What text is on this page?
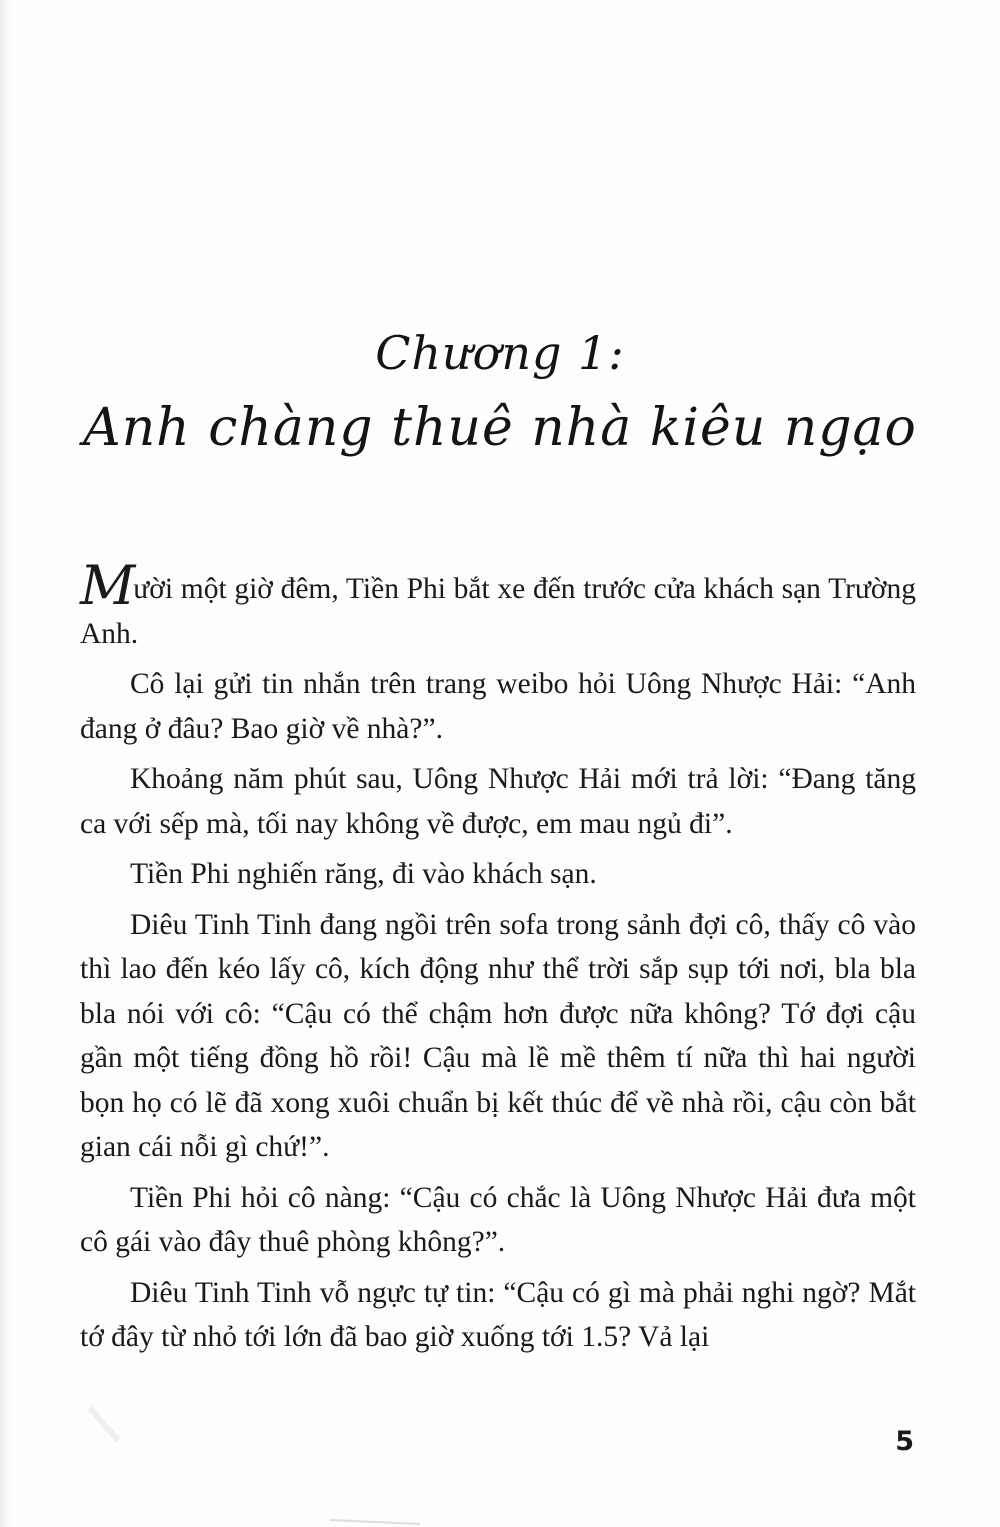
Chương 1:
Anh chàng thuê nhà kiêu ngạo

Mười một giờ đêm, Tiền Phi bắt xe đến trước cửa khách sạn Trường Anh.

Cô lại gửi tin nhắn trên trang weibo hỏi Uông Nhược Hải: “Anh đang ở đâu? Bao giờ về nhà?”.

Khoảng năm phút sau, Uông Nhược Hải mới trả lời: “Đang tăng ca với sếp mà, tối nay không về được, em mau ngủ đi”.

Tiền Phi nghiến răng, đi vào khách sạn.

Diêu Tinh Tinh đang ngồi trên sofa trong sảnh đợi cô, thấy cô vào thì lao đến kéo lấy cô, kích động như thể trời sắp sụp tới nơi, bla bla bla nói với cô: “Cậu có thể chậm hơn được nữa không? Tớ đợi cậu gần một tiếng đồng hồ rồi! Cậu mà lề mề thêm tí nữa thì hai người bọn họ có lẽ đã xong xuôi chuẩn bị kết thúc để về nhà rồi, cậu còn bắt gian cái nỗi gì chứ!”.

Tiền Phi hỏi cô nàng: “Cậu có chắc là Uông Nhược Hải đưa một cô gái vào đây thuê phòng không?”.

Diêu Tinh Tinh vỗ ngực tự tin: “Cậu có gì mà phải nghi ngờ? Mắt tớ đây từ nhỏ tới lớn đã bao giờ xuống tới 1.5? Vả lại

5
